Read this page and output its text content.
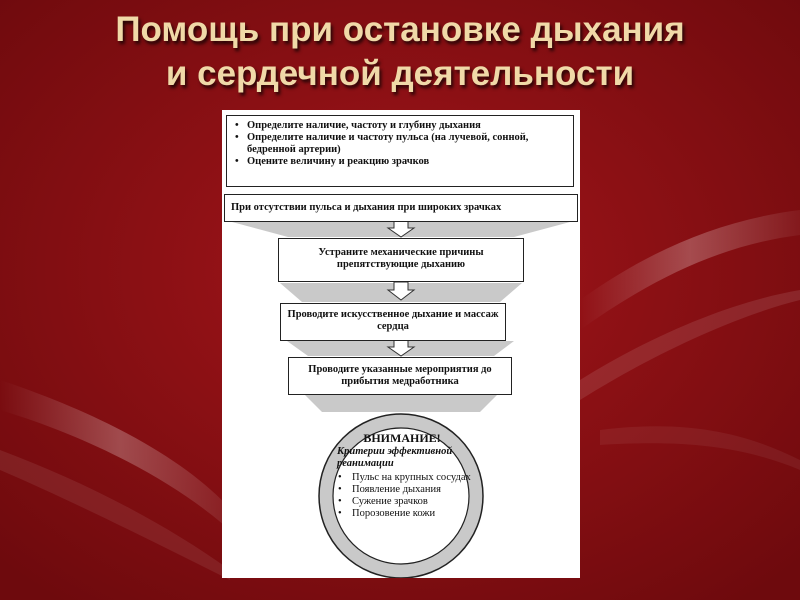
Помощь при остановке дыхания
и сердечной деятельности
• Определите наличие, частоту и глубину дыхания
• Определите наличие и частоту пульса (на лучевой, сонной, бедренной артерии)
• Оцените величину и реакцию зрачков
При отсутствии пульса и дыхания при широких зрачках
Устраните механические причины препятствующие дыханию
Проводите искусственное дыхание и массаж сердца
Проводите указанные мероприятия до прибытия медработника
ВНИМАНИЕ!
Критерии эффективной реанимации
• Пульс на крупных сосудах
• Появление дыхания
• Сужение зрачков
• Порозовение кожи
